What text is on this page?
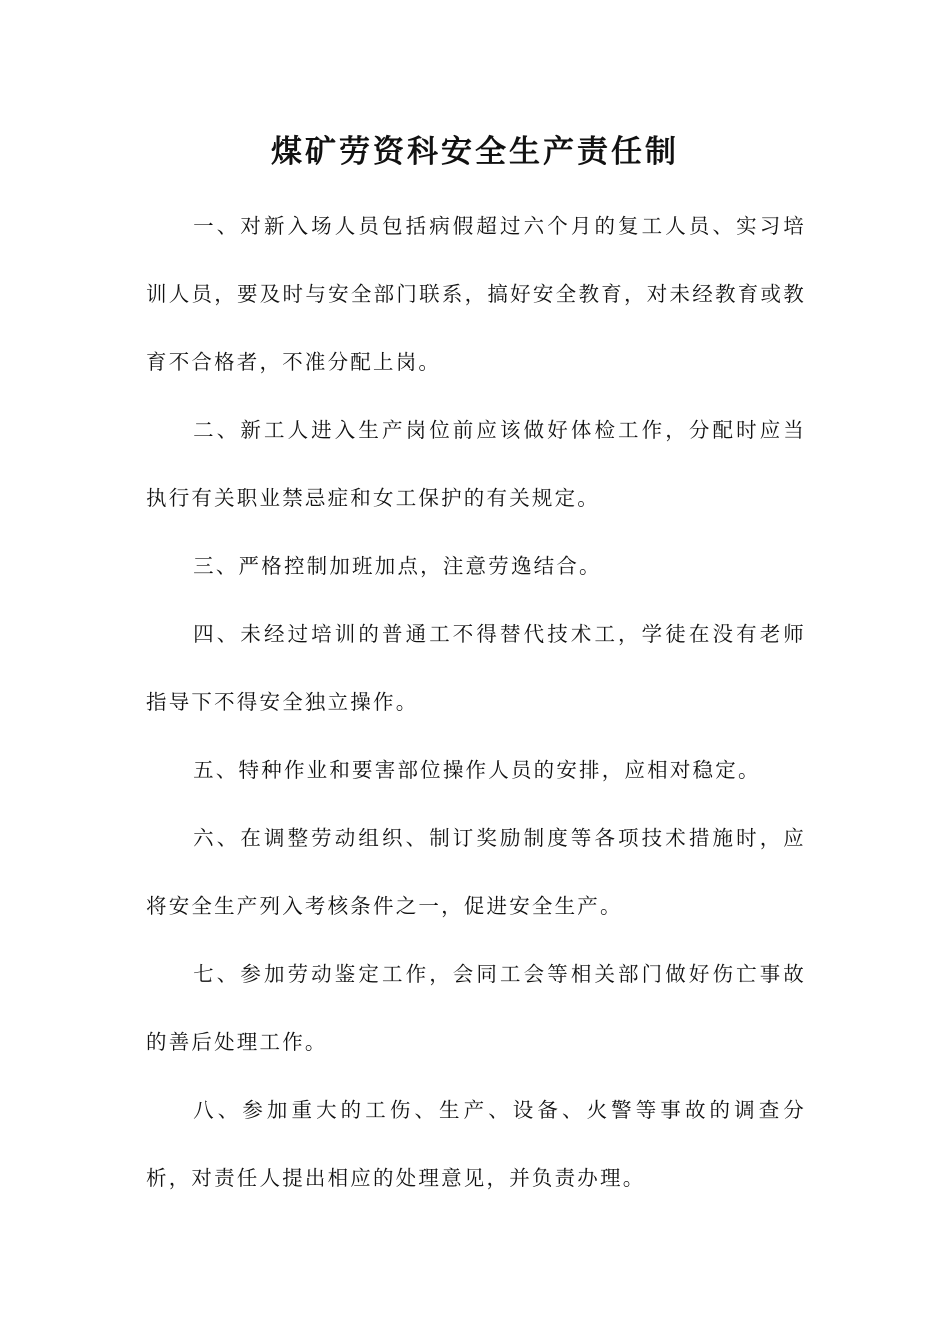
煤矿劳资科安全生产责任制

一、对新入场人员包括病假超过六个月的复工人员、实习培训人员，要及时与安全部门联系，搞好安全教育，对未经教育或教育不合格者，不准分配上岗。

二、新工人进入生产岗位前应该做好体检工作，分配时应当执行有关职业禁忌症和女工保护的有关规定。

三、严格控制加班加点，注意劳逸结合。

四、未经过培训的普通工不得替代技术工，学徒在没有老师指导下不得安全独立操作。

五、特种作业和要害部位操作人员的安排，应相对稳定。

六、在调整劳动组织、制订奖励制度等各项技术措施时，应将安全生产列入考核条件之一，促进安全生产。

七、参加劳动鉴定工作，会同工会等相关部门做好伤亡事故的善后处理工作。

八、参加重大的工伤、生产、设备、火警等事故的调查分析，对责任人提出相应的处理意见，并负责办理。
